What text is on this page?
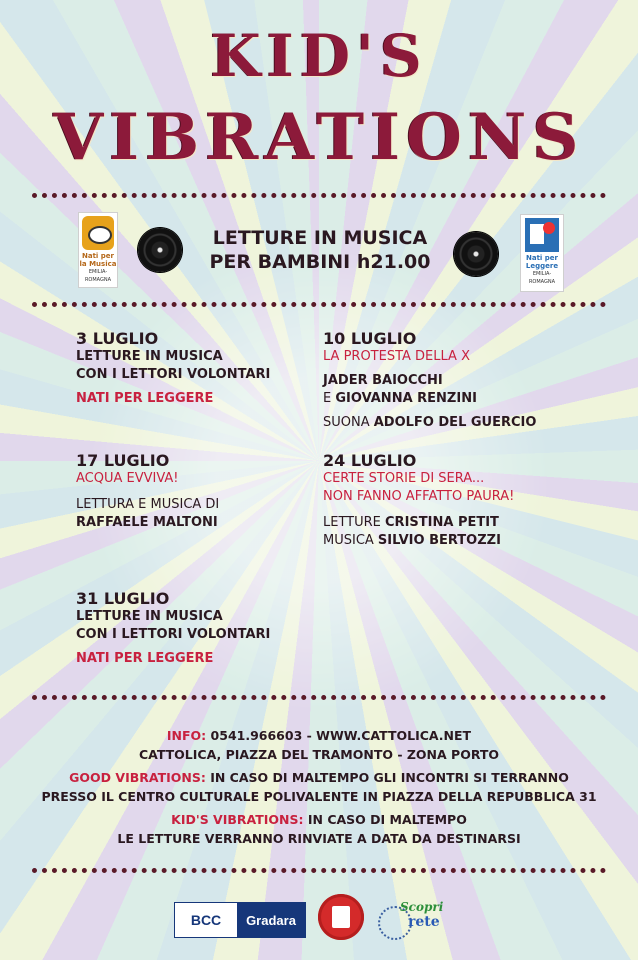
KID'S
VIBRATIONS
Nati per la Musica
EMILIA-ROMAGNA
LETTURE IN MUSICA
PER BAMBINI h21.00	Nati per Leggere
EMILIA-ROMAGNA
3 LUGLIO
LETTURE IN MUSICA
CON I LETTORI VOLONTARI
NATI PER LEGGERE
10 LUGLIO
LA PROTESTA DELLA X
JADER BAIOCCHI
E GIOVANNA RENZINI
SUONA ADOLFO DEL GUERCIO
17 LUGLIO
ACQUA EVVIVA!
LETTURA E MUSICA DI
RAFFAELE MALTONI
24 LUGLIO
CERTE STORIE DI SERA...
NON FANNO AFFATTO PAURA!
LETTURE CRISTINA PETIT
MUSICA SILVIO BERTOZZI
31 LUGLIO
LETTURE IN MUSICA
CON I LETTORI VOLONTARI
NATI PER LEGGERE
INFO: 0541.966603 - WWW.CATTOLICA.NET
CATTOLICA, PIAZZA DEL TRAMONTO - ZONA PORTO
GOOD VIBRATIONS: IN CASO DI MALTEMPO GLI INCONTRI SI TERRANNO
PRESSO IL CENTRO CULTURALE POLIVALENTE IN PIAZZA DELLA REPUBBLICA 31
KID'S VIBRATIONS: IN CASO DI MALTEMPO
LE LETTURE VERRANNO RINVIATE A DATA DA DESTINARSI
BCC	Gradara
Scopri
rete
